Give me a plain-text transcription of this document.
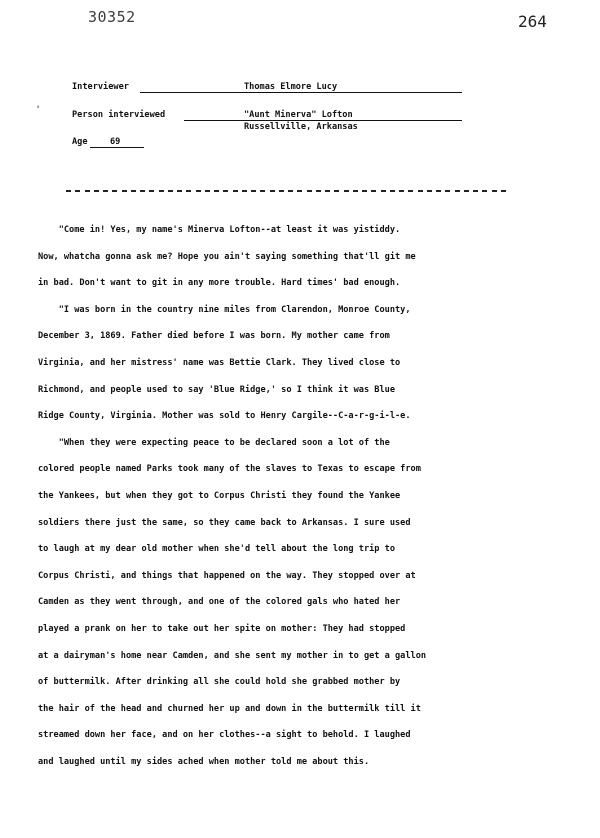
30352	264
Interviewer	Thomas Elmore Lucy
°
Person interviewed	"Aunt Minerva" Lofton
Russellville, Arkansas
Age	69
"Come in! Yes, my name's Minerva Lofton--at least it was yistiddy.
Now, whatcha gonna ask me? Hope you ain't saying something that'll git me
in bad. Don't want to git in any more trouble. Hard times' bad enough.
"I was born in the country nine miles from Clarendon, Monroe County,
December 3, 1869. Father died before I was born. My mother came from
Virginia, and her mistress' name was Bettie Clark. They lived close to
Richmond, and people used to say 'Blue Ridge,' so I think it was Blue
Ridge County, Virginia. Mother was sold to Henry Cargile--C-a-r-g-i-l-e.
"When they were expecting peace to be declared soon a lot of the
colored people named Parks took many of the slaves to Texas to escape from
the Yankees, but when they got to Corpus Christi they found the Yankee
soldiers there just the same, so they came back to Arkansas. I sure used
to laugh at my dear old mother when she'd tell about the long trip to
Corpus Christi, and things that happened on the way. They stopped over at
Camden as they went through, and one of the colored gals who hated her
played a prank on her to take out her spite on mother: They had stopped
at a dairyman's home near Camden, and she sent my mother in to get a gallon
of buttermilk. After drinking all she could hold she grabbed mother by
the hair of the head and churned her up and down in the buttermilk till it
streamed down her face, and on her clothes--a sight to behold. I laughed
and laughed until my sides ached when mother told me about this.
